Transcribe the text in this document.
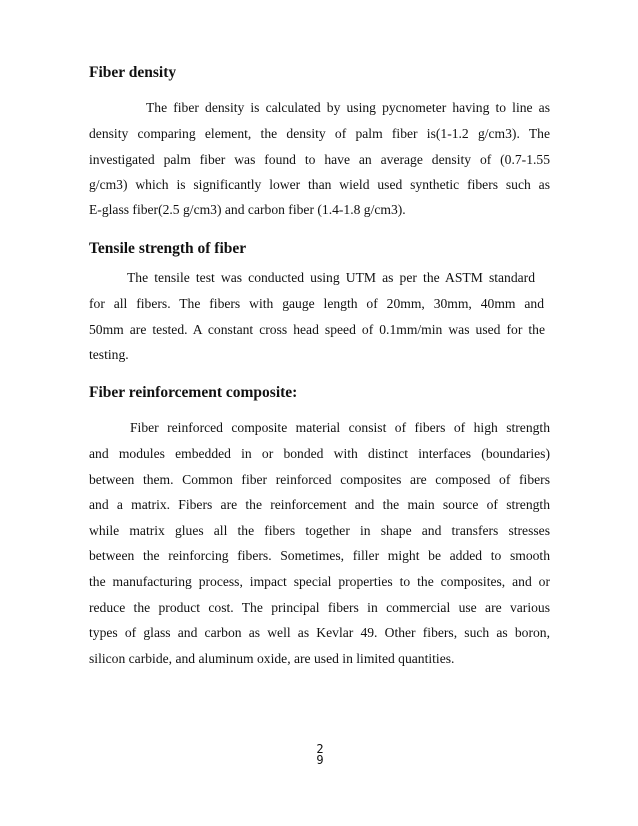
Fiber density
The fiber density is calculated by using pycnometer having to line as
density comparing element, the density of palm fiber is(1-1.2 g/cm3). The
investigated palm fiber was found to have an average density of (0.7-1.55
g/cm3) which is significantly lower than wield used synthetic fibers such as
E-glass fiber(2.5 g/cm3) and carbon fiber (1.4-1.8 g/cm3).
Tensile strength of fiber
The tensile test was conducted using UTM as per the ASTM standard
for all fibers. The fibers with gauge length of 20mm, 30mm, 40mm and
50mm are tested. A constant cross head speed of 0.1mm/min was used for the
testing.
Fiber reinforcement composite:
Fiber reinforced composite material consist of fibers of high strength
and modules embedded in or bonded with distinct interfaces (boundaries)
between them. Common fiber reinforced composites are composed of fibers
and a matrix. Fibers are the reinforcement and the main source of strength
while matrix glues all the fibers together in shape and transfers stresses
between the reinforcing fibers. Sometimes, filler might be added to smooth
the manufacturing process, impact special properties to the composites, and or
reduce the product cost. The principal fibers in commercial use are various
types of glass and carbon as well as Kevlar 49. Other fibers, such as boron,
silicon carbide, and aluminum oxide, are used in limited quantities.
2
9
